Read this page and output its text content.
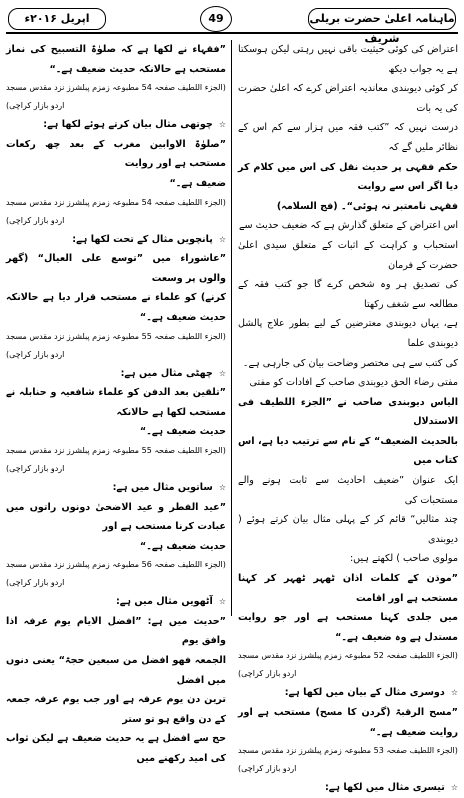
ماہنامہ اعلیٰ حضرت بریلی شریف
49
اپریل ۲۰۱۶ء

اعتراض کی کوئی حیثیت باقی نہیں رہتی لیکن ہوسکتا ہے یہ جواب دیکھ

کر کوئی دیوبندی معاندیہ اعتراض کرے کہ اعلیٰ حضرت کی یہ بات

درست نہیں کہ ”کتب فقہ میں ہزار سے کم اس کے نظائر ملیں گے کہ

حکم فقہی پر حدیث نقل کی اس میں کلام کر دیا اگر اس سے روایت

فقہی نامعتبر نہ ہوئی“۔ (فج السلامہ)

اس اعتراض کے متعلق گذارش ہے کہ ضعیف حدیث سے

استحباب و کراہت کے اثبات کے متعلق سیدی اعلیٰ حضرت کے فرمان

کی تصدیق ہر وہ شخص کرے گا جو کتب فقہ کے مطالعہ سے شغف رکھتا

ہے، یہاں دیوبندی معترضین کے لیے بطور علاج پالشل دیوبندی علما

کی کتب سے ہی مختصر وضاحت بیان کی جارہی ہے۔

مفتی رضاء الحق دیوبندی صاحب کے افادات کو مفتی

الیاس دیوبندی صاحب نے ”الجزء اللطیف فی الاستدلال

بالحدیث الضعیف“ کے نام سے ترتیب دیا ہے، اس کتاب میں

ایک عنوان ”ضعیف احادیث سے ثابت ہونے والے مستحبات کی

چند مثالیں“ قائم کر کے پہلی مثال بیان کرتے ہوئے ( دیوبندی

مولوی صاحب ) لکھتے ہیں:

”موذن کے کلمات اذان ٹھہر ٹھہر کر کہنا مستحب ہے اور اقامت

میں جلدی کہنا مستحب ہے اور جو روایت مستدل ہے وہ ضعیف ہے۔“

(الجزء اللطیف صفحہ 52 مطبوعہ زمزم پبلشرز نزد مقدس مسجد اردو بازار کراچی)

☆دوسری مثال کے بیان میں لکھا ہے:

”مسح الرقبۃ (گردن کا مسح) مستحب ہے اور روایت ضعیف ہے۔“

(الجزء اللطیف صفحہ 53 مطبوعہ زمزم پبلشرز نزد مقدس مسجد اردو بازار کراچی)

☆تیسری مثال میں لکھا ہے:

”فقہاء نے لکھا ہے کہ صلوٰۃ التسبیح کی نماز مستحب ہے حالانکہ حدیث ضعیف ہے۔“

(الجزء اللطیف صفحہ 54 مطبوعہ زمزم پبلشرز نزد مقدس مسجد اردو بازار کراچی)

☆چوتھی مثال بیان کرتے ہوئے لکھا ہے:

”صلوٰۃ الاوابین مغرب کے بعد چھ رکعات مستحب ہے اور روایت

ضعیف ہے۔“

(الجزء اللطیف صفحہ 54 مطبوعہ زمزم پبلشرز نزد مقدس مسجد اردو بازار کراچی)

☆پانچویں مثال کے تحت لکھا ہے:

”عاشوراء میں ”توسع علی العیال“ (گھر والوں پر وسعت

کرنے) کو علماء نے مستحب قرار دیا ہے حالانکہ حدیث ضعیف ہے۔“

(الجزء اللطیف صفحہ 55 مطبوعہ زمزم پبلشرز نزد مقدس مسجد اردو بازار کراچی)

☆چھٹی مثال میں ہے:

”تلقین بعد الدفن کو علماء شافعیہ و حنابلہ نے مستحب لکھا ہے حالانکہ

حدیث ضعیف ہے۔“

(الجزء اللطیف صفحہ 55 مطبوعہ زمزم پبلشرز نزد مقدس مسجد اردو بازار کراچی)

☆ساتویں مثال میں ہے:

”عید الفطر و عید الاضحیٰ دونوں راتوں میں عبادت کرنا مستحب ہے اور

حدیث ضعیف ہے۔“

(الجزء اللطیف صفحہ 56 مطبوعہ زمزم پبلشرز نزد مقدس مسجد اردو بازار کراچی)

☆آٹھویں مثال میں ہے:

”حدیث میں ہے: ”افضل الایام یوم عرفہ اذا وافق یوم

الجمعہ فھو افضل من سبعین حجۃ“ یعنی دنوں میں افضل

ترین دن یوم عرفہ ہے اور جب یوم عرفہ جمعہ کے دن واقع ہو تو ستر

حج سے افضل ہے یہ حدیث ضعیف ہے لیکن ثواب کی امید رکھنے میں
